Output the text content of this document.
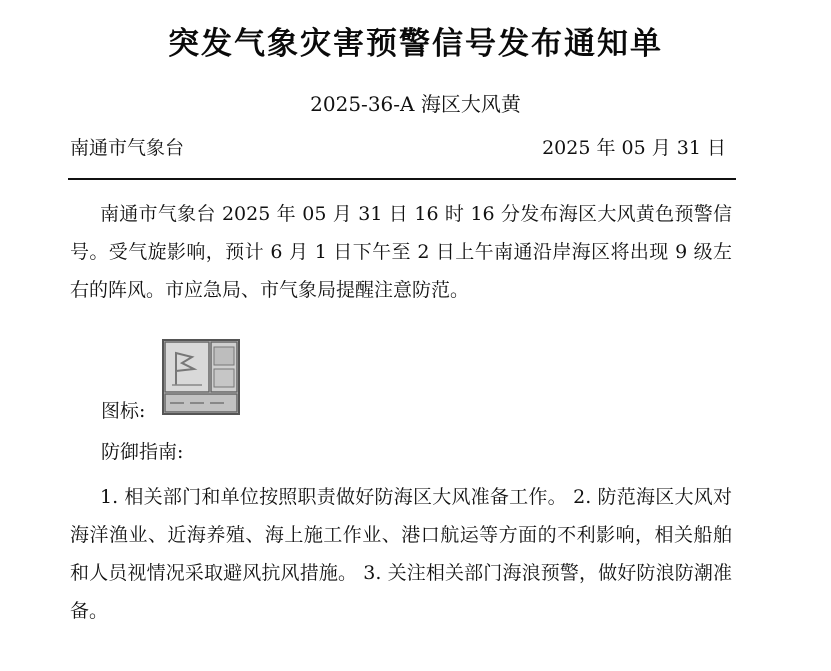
突发气象灾害预警信号发布通知单
2025-36-A 海区大风黄
南通市气象台	2025 年 05 月 31 日
南通市气象台 2025 年 05 月 31 日 16 时 16 分发布海区大风黄色预警信号。受气旋影响，预计 6 月 1 日下午至 2 日上午南通沿岸海区将出现 9 级左右的阵风。市应急局、市气象局提醒注意防范。
图标:
防御指南:
1. 相关部门和单位按照职责做好防海区大风准备工作。 2. 防范海区大风对海洋渔业、近海养殖、海上施工作业、港口航运等方面的不利影响，相关船舶和人员视情况采取避风抗风措施。 3. 关注相关部门海浪预警，做好防浪防潮准备。
